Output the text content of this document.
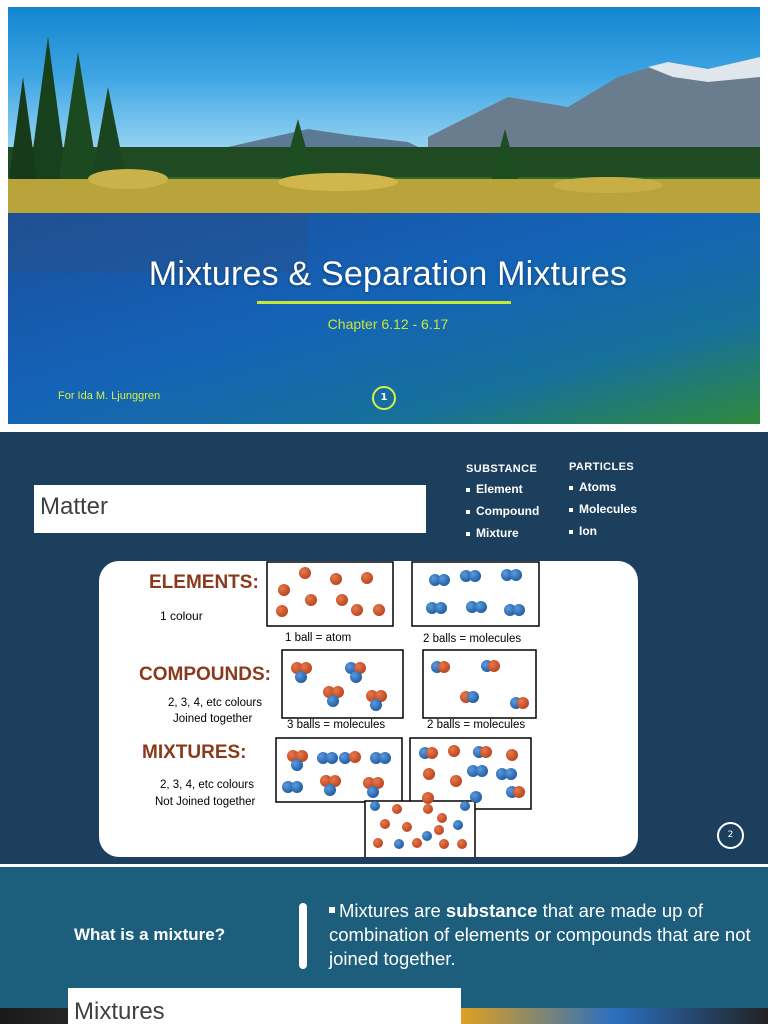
Mixtures & Separation Mixtures
Chapter 6.12 - 6.17
For Ida M. Ljunggren	1
Matter
SUBSTANCE
Element
Compound
Mixture
PARTICLES
Atoms
Molecules
Ion
ELEMENTS:
1 colour
COMPOUNDS:
2, 3, 4, etc colours
Joined together
MIXTURES:
2, 3, 4, etc colours
Not Joined together
1 ball = atom	2 balls = molecules
3 balls = molecules	2 balls = molecules
2
What is a mixture?
Mixtures are substance that are made up of combination of elements or compounds that are not joined together.
Mixtures
